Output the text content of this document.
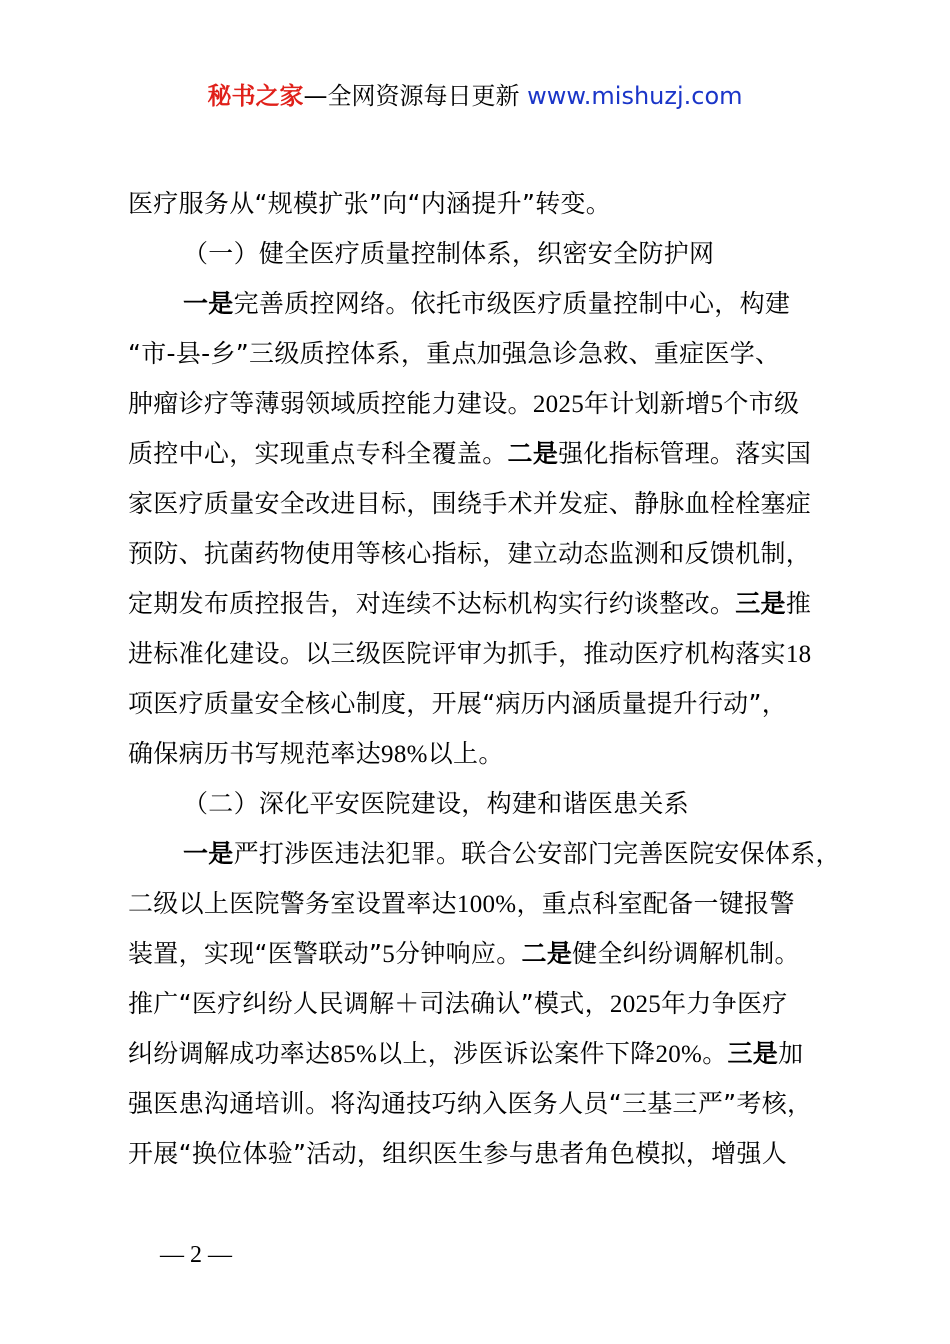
秘书之家—全网资源每日更新 www.mishuzj.com
医疗服务从“规模扩张”向“内涵提升”转变。
（一）健全医疗质量控制体系，织密安全防护网
一是完善质控网络。依托市级医疗质量控制中心，构建
“市-县-乡”三级质控体系，重点加强急诊急救、重症医学、
肿瘤诊疗等薄弱领域质控能力建设。2025年计划新增5个市级
质控中心，实现重点专科全覆盖。二是强化指标管理。落实国
家医疗质量安全改进目标，围绕手术并发症、静脉血栓栓塞症
预防、抗菌药物使用等核心指标，建立动态监测和反馈机制，
定期发布质控报告，对连续不达标机构实行约谈整改。三是推
进标准化建设。以三级医院评审为抓手，推动医疗机构落实18
项医疗质量安全核心制度，开展“病历内涵质量提升行动”，
确保病历书写规范率达98%以上。
（二）深化平安医院建设，构建和谐医患关系
一是严打涉医违法犯罪。联合公安部门完善医院安保体系，
二级以上医院警务室设置率达100%，重点科室配备一键报警
装置，实现“医警联动”5分钟响应。二是健全纠纷调解机制。
推广“医疗纠纷人民调解＋司法确认”模式，2025年力争医疗
纠纷调解成功率达85%以上，涉医诉讼案件下降20%。三是加
强医患沟通培训。将沟通技巧纳入医务人员“三基三严”考核，
开展“换位体验”活动，组织医生参与患者角色模拟，增强人
— 2 —
